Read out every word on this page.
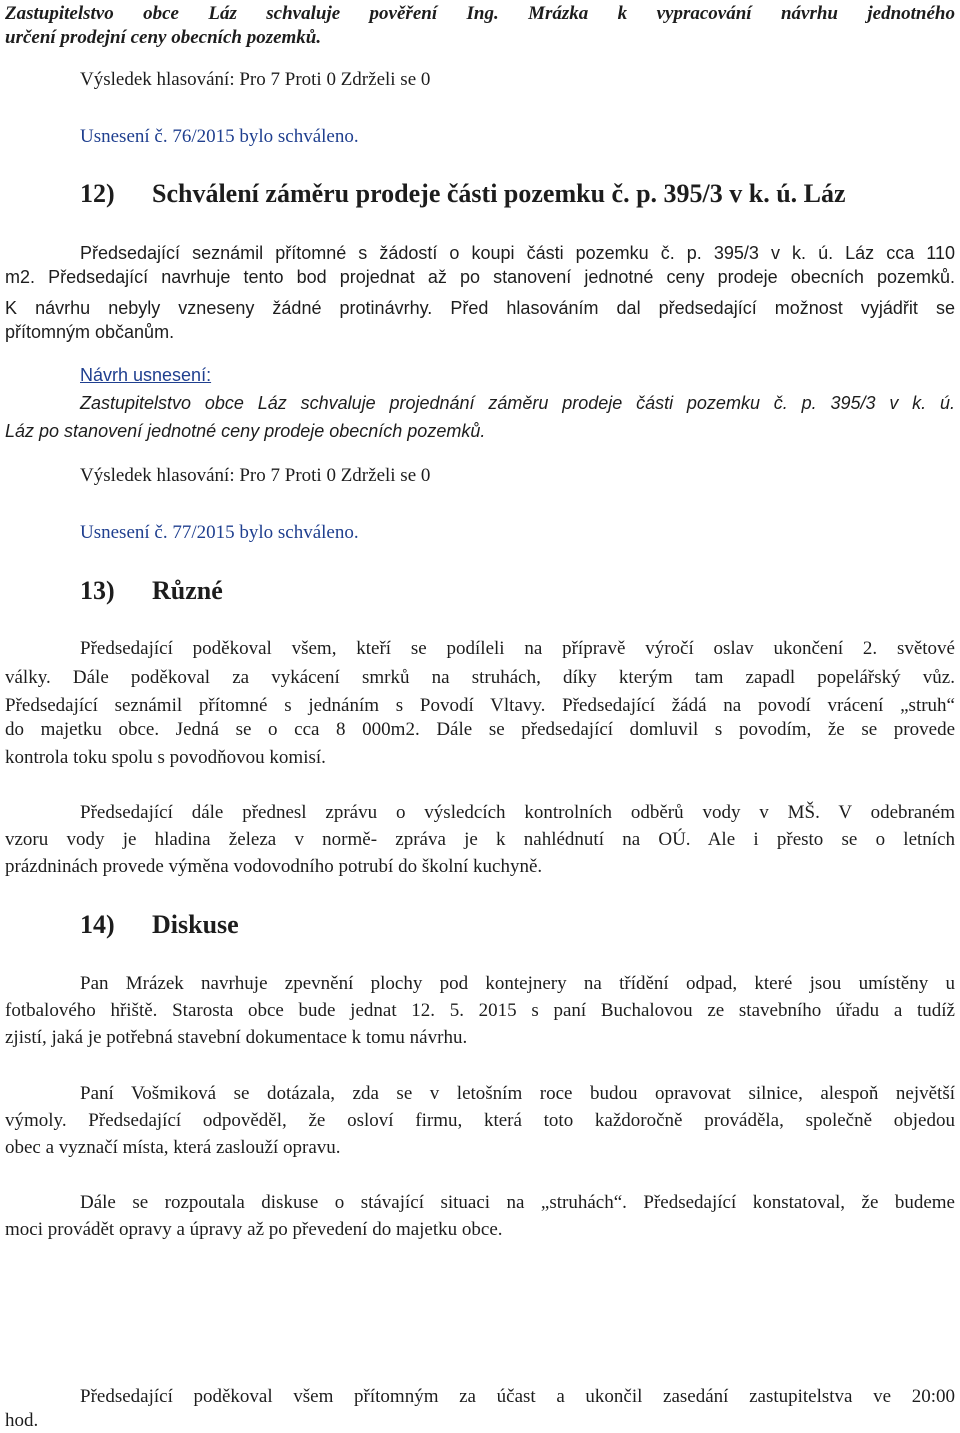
Zastupitelstvo obce Láz schvaluje pověření Ing. Mrázka k vypracování návrhu jednotného
určení prodejní ceny obecních pozemků.
Výsledek hlasování: Pro 7 Proti 0 Zdrželi se 0
Usnesení č. 76/2015 bylo schváleno.
12) Schválení záměru prodeje části pozemku č. p. 395/3 v k. ú. Láz
Předsedající seznámil přítomné s žádostí o koupi části pozemku č. p. 395/3 v k. ú. Láz cca 110
m2. Předsedající navrhuje tento bod projednat až po stanovení jednotné ceny prodeje obecních pozemků.
K návrhu nebyly vzneseny žádné protinávrhy. Před hlasováním dal předsedající možnost vyjádřit se
přítomným občanům.
Návrh usnesení:
Zastupitelstvo obce Láz schvaluje projednání záměru prodeje části pozemku č. p. 395/3 v k. ú.
Láz po stanovení jednotné ceny prodeje obecních pozemků.
Výsledek hlasování: Pro 7 Proti 0 Zdrželi se 0
Usnesení č. 77/2015 bylo schváleno.
13) Různé
Předsedající poděkoval všem, kteří se podíleli na přípravě výročí oslav ukončení 2. světové
války. Dále poděkoval za vykácení smrků na struhách, díky kterým tam zapadl popelářský vůz.
Předsedající seznámil přítomné s jednáním s Povodí Vltavy. Předsedající žádá na povodí vrácení „struh“
do majetku obce. Jedná se o cca 8 000m2. Dále se předsedající domluvil s povodím, že se provede
kontrola toku spolu s povodňovou komisí.
Předsedající dále přednesl zprávu o výsledcích kontrolních odběrů vody v MŠ. V odebraném
vzoru vody je hladina železa v normě- zpráva je k nahlédnutí na OÚ. Ale i přesto se o letních
prázdninách provede výměna vodovodního potrubí do školní kuchyně.
14) Diskuse
Pan Mrázek navrhuje zpevnění plochy pod kontejnery na třídění odpad, které jsou umístěny u
fotbalového hřiště. Starosta obce bude jednat 12. 5. 2015 s paní Buchalovou ze stavebního úřadu a tudíž
zjistí, jaká je potřebná stavební dokumentace k tomu návrhu.
Paní Vošmiková se dotázala, zda se v letošním roce budou opravovat silnice, alespoň největší
výmoly. Předsedající odpověděl, že osloví firmu, která toto každoročně prováděla, společně objedou
obec a vyznačí místa, která zaslouží opravu.
Dále se rozpoutala diskuse o stávající situaci na „struhách“. Předsedající konstatoval, že budeme
moci provádět opravy a úpravy až po převedení do majetku obce.
Předsedající poděkoval všem přítomným za účast a ukončil zasedání zastupitelstva ve 20:00
hod.
